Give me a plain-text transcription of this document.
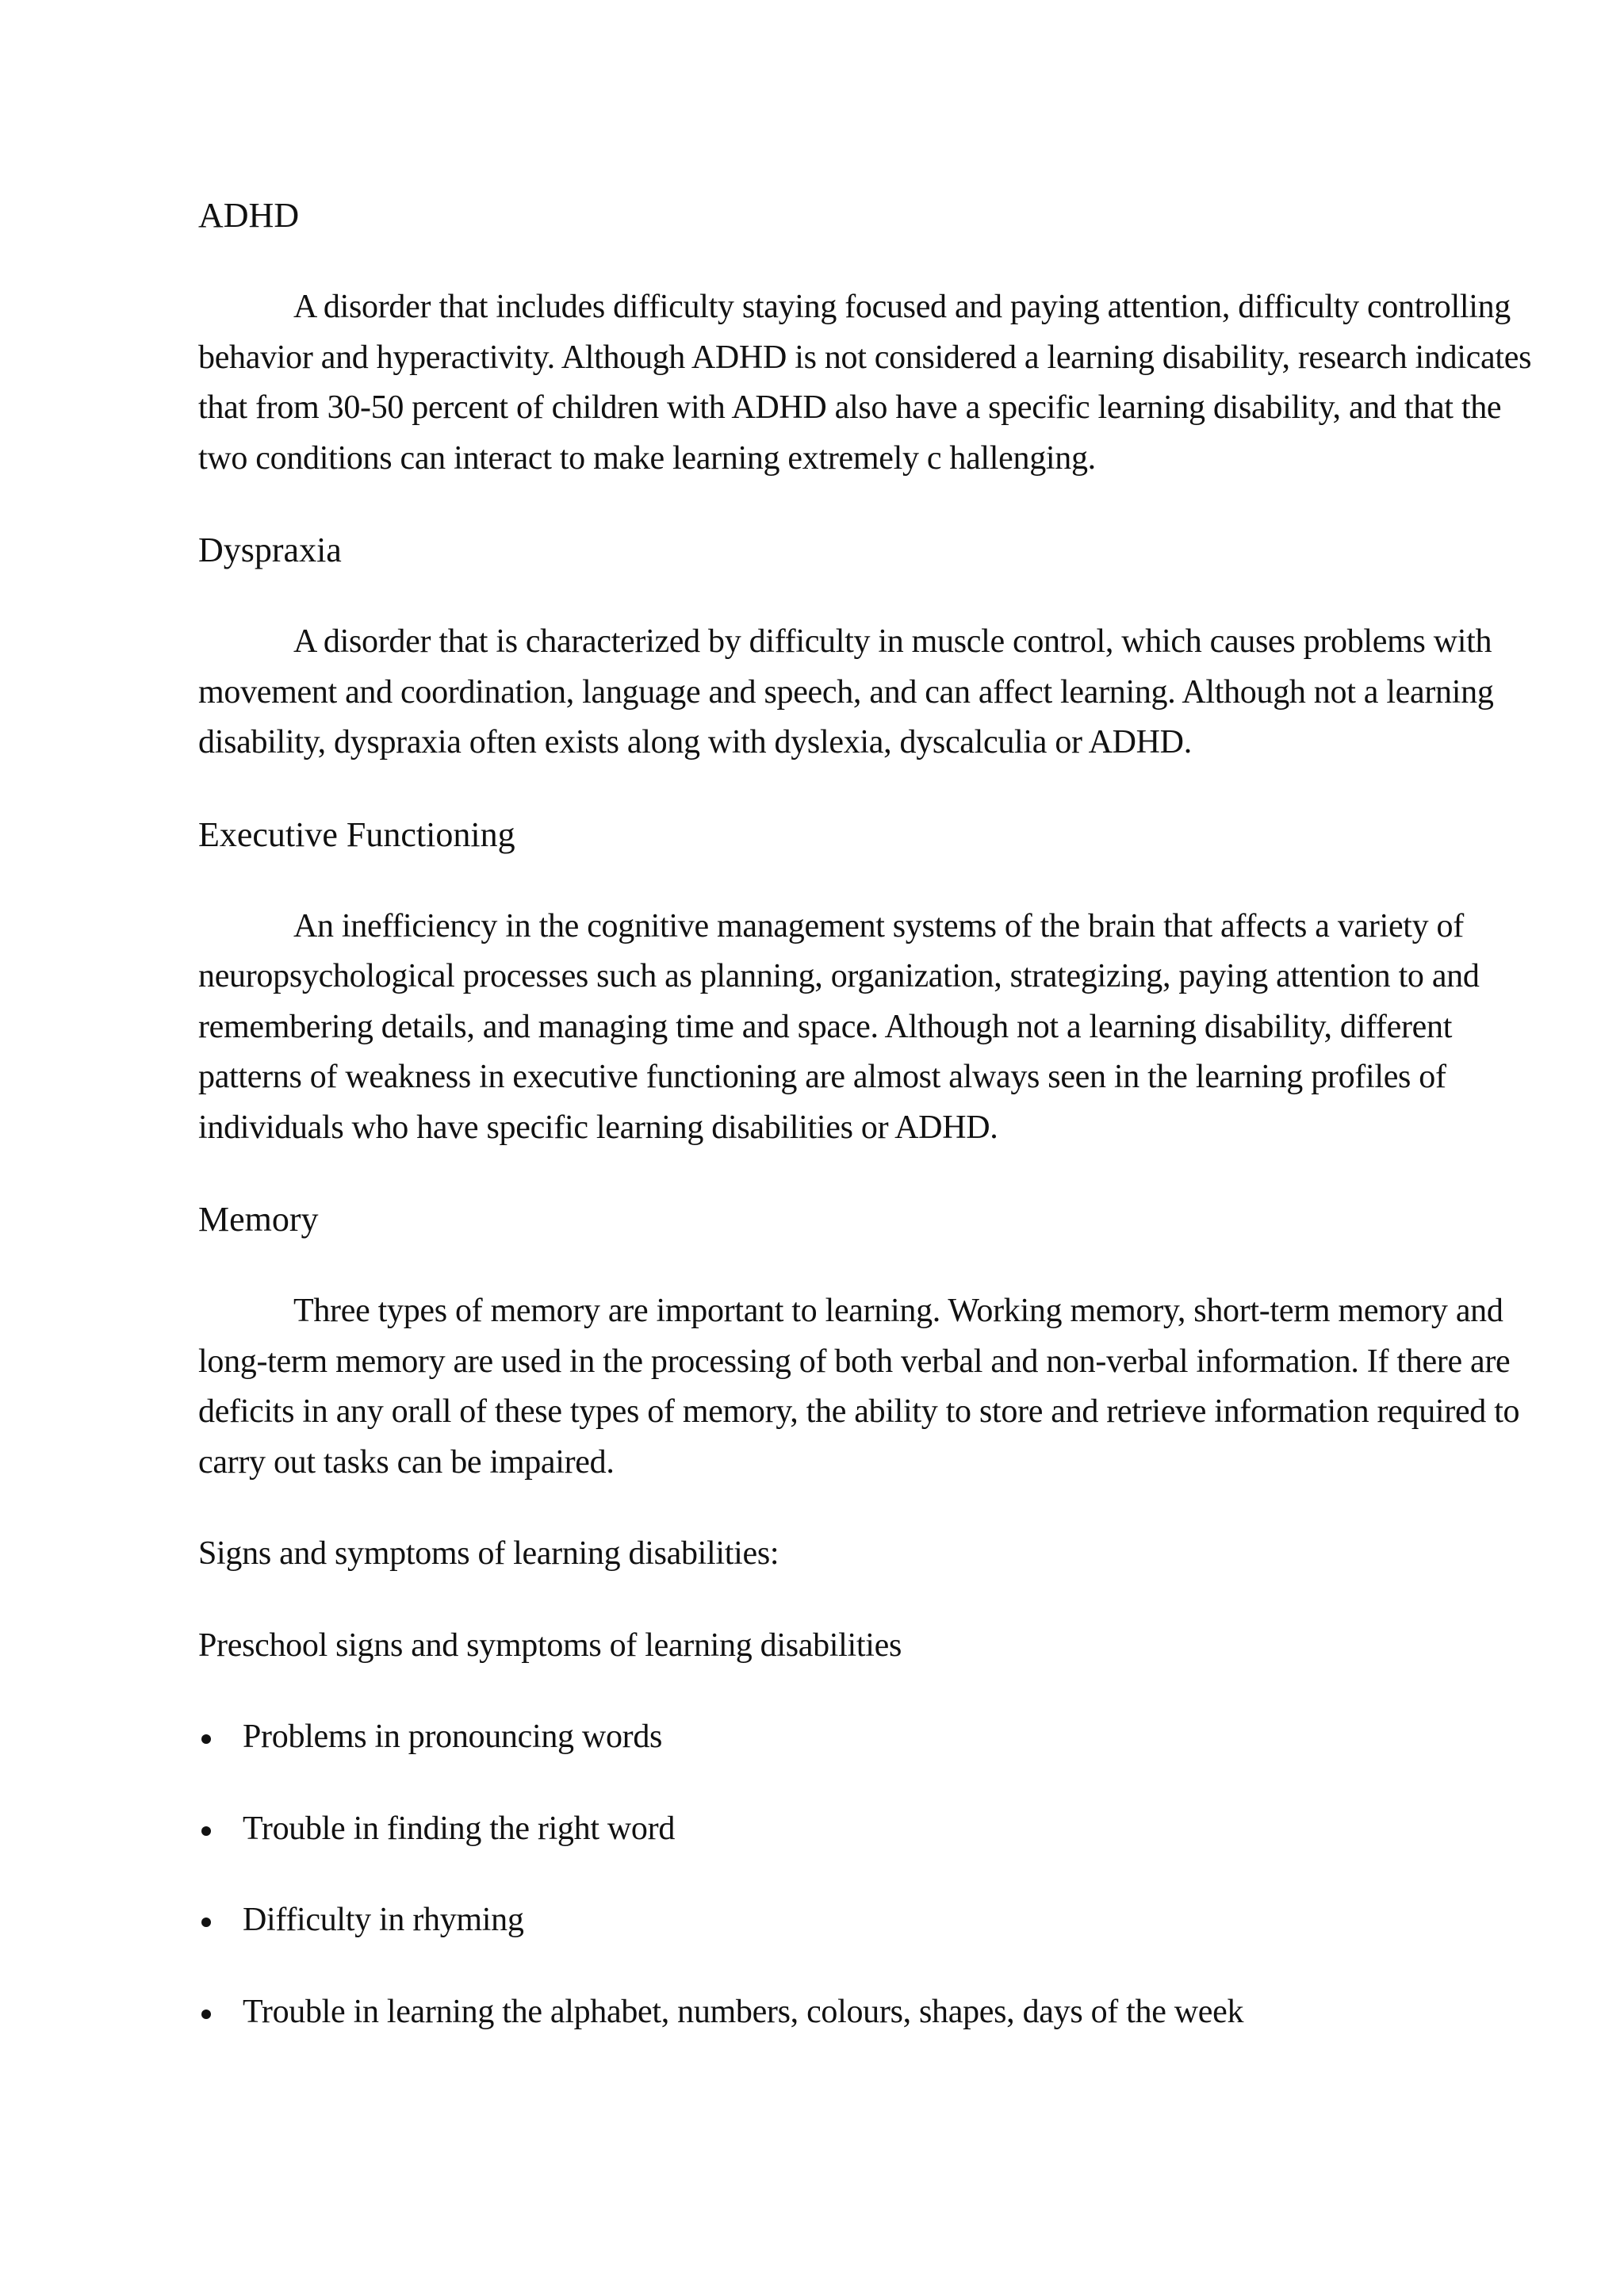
ADHD

A disorder that includes difficulty staying focused and paying attention, difficulty controlling behavior and hyperactivity. Although ADHD is not considered a learning disability, research indicates that from 30-50 percent of children with ADHD also have a specific learning disability, and that the two conditions can interact to make learning extremely c hallenging.

Dyspraxia

A disorder that is characterized by difficulty in muscle control, which causes problems with movement and coordination, language and speech, and can affect learning. Although not a learning disability, dyspraxia often exists along with dyslexia, dyscalculia or ADHD.

Executive Functioning

An inefficiency in the cognitive management systems of the brain that affects a variety of neuropsychological processes such as planning, organization, strategizing, paying attention to and remembering details, and managing time and space. Although not a learning disability, different patterns of weakness in executive functioning are almost always seen in the learning profiles of individuals who have specific learning disabilities or ADHD.

Memory

Three types of memory are important to learning. Working memory, short-term memory and long-term memory are used in the processing of both verbal and non-verbal information. If there are deficits in any orall of these types of memory, the ability to store and retrieve information required to carry out tasks can be impaired.

Signs and symptoms of learning disabilities:

Preschool signs and symptoms of learning disabilities

Problems in pronouncing words
Trouble in finding the right word
Difficulty in rhyming
Trouble in learning the alphabet, numbers, colours, shapes, days of the week
